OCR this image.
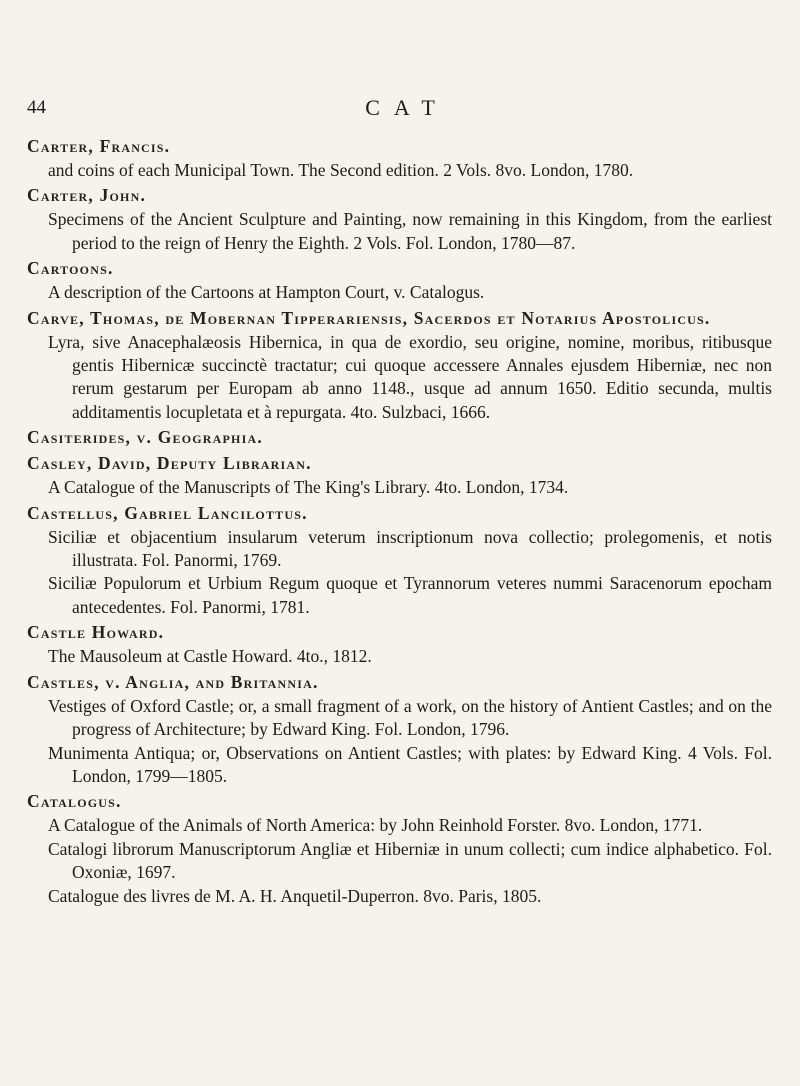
44	CAT
Carter, Francis.
and coins of each Municipal Town. The Second edition. 2 Vols. 8vo. London, 1780.
Carter, John.
Specimens of the Ancient Sculpture and Painting, now remaining in this Kingdom, from the earliest period to the reign of Henry the Eighth. 2 Vols. Fol. London, 1780—87.
Cartoons.
A description of the Cartoons at Hampton Court, v. Catalogus.
Carve, Thomas, de Mobernan Tipperariensis, Sacerdos et Notarius Apostolicus.
Lyra, sive Anacephalæosis Hibernica, in qua de exordio, seu origine, nomine, moribus, ritibusque gentis Hibernicæ succinctè tractatur; cui quoque accessere Annales ejusdem Hiberniæ, nec non rerum gestarum per Europam ab anno 1148., usque ad annum 1650. Editio secunda, multis additamentis locupletata et à repurgata. 4to. Sulzbaci, 1666.
Casiterides, v. Geographia.
Casley, David, Deputy Librarian.
A Catalogue of the Manuscripts of The King's Library. 4to. London, 1734.
Castellus, Gabriel Lancilottus.
Siciliæ et objacentium insularum veterum inscriptionum nova collectio; prolegomenis, et notis illustrata. Fol. Panormi, 1769.
Siciliæ Populorum et Urbium Regum quoque et Tyrannorum veteres nummi Saracenorum epocham antecedentes. Fol. Panormi, 1781.
Castle Howard.
The Mausoleum at Castle Howard. 4to., 1812.
Castles, v. Anglia, and Britannia.
Vestiges of Oxford Castle; or, a small fragment of a work, on the history of Antient Castles; and on the progress of Architecture; by Edward King. Fol. London, 1796.
Munimenta Antiqua; or, Observations on Antient Castles; with plates: by Edward King. 4 Vols. Fol. London, 1799—1805.
Catalogus.
A Catalogue of the Animals of North America: by John Reinhold Forster. 8vo. London, 1771.
Catalogi librorum Manuscriptorum Angliæ et Hiberniæ in unum collecti; cum indice alphabetico. Fol. Oxoniæ, 1697.
Catalogue des livres de M. A. H. Anquetil-Duperron. 8vo. Paris, 1805.
